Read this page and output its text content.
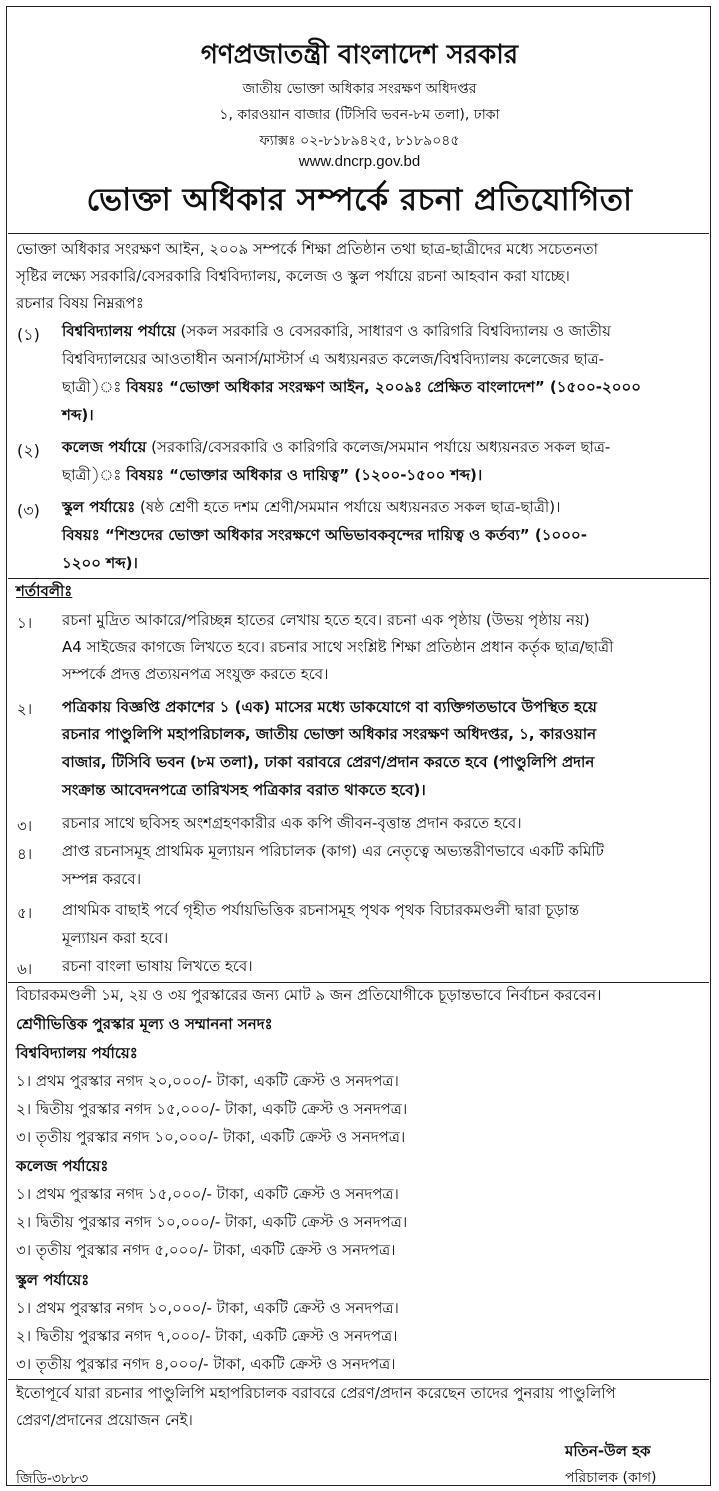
গণপ্রজাতন্ত্রী বাংলাদেশ সরকার
জাতীয় ভোক্তা অধিকার সংরক্ষণ অধিদপ্তর
১, কারওয়ান বাজার (টিসিবি ভবন-৮ম তলা), ঢাকা
ফ্যাক্সঃ ০২-৮১৮৯৪২৫, ৮১৮৯০৪৫
www.dncrp.gov.bd
ভোক্তা অধিকার সম্পর্কে রচনা প্রতিযোগিতা
ভোক্তা অধিকার সংরক্ষণ আইন, ২০০৯ সম্পর্কে শিক্ষা প্রতিষ্ঠান তথা ছাত্র-ছাত্রীদের মধ্যে সচেতনতা
সৃষ্টির লক্ষ্যে সরকারি/বেসরকারি বিশ্ববিদ্যালয়, কলেজ ও স্কুল পর্যায়ে রচনা আহবান করা যাচ্ছে।
রচনার বিষয় নিম্নরূপঃ
(১) বিশ্ববিদ্যালয় পর্যায়ে (সকল সরকারি ও বেসরকারি, সাধারণ ও কারিগরি বিশ্ববিদ্যালয় ও জাতীয়
বিশ্ববিদ্যালয়ের আওতাধীন অনার্স/মাস্টার্স এ অধ্যয়নরত কলেজ/বিশ্ববিদ্যালয় কলেজের ছাত্র-
ছাত্রী)ঃ বিষয়ঃ “ভোক্তা অধিকার সংরক্ষণ আইন, ২০০৯ঃ প্রেক্ষিত বাংলাদেশ” (১৫০০-২০০০
শব্দ)।
(২) কলেজ পর্যায়ে (সরকারি/বেসরকারি ও কারিগরি কলেজ/সমমান পর্যায়ে অধ্যয়নরত সকল ছাত্র-
ছাত্রী)ঃ বিষয়ঃ “ভোক্তার অধিকার ও দায়িত্ব” (১২০০-১৫০০ শব্দ)।
(৩) স্কুল পর্যায়েঃ (ষষ্ঠ শ্রেণী হতে দশম শ্রেণী/সমমান পর্যায়ে অধ্যয়নরত সকল ছাত্র-ছাত্রী)।
বিষয়ঃ “শিশুদের ভোক্তা অধিকার সংরক্ষণে অভিভাবকবৃন্দের দায়িত্ব ও কর্তব্য” (১০০০-
১২০০ শব্দ)।
শর্তাবলীঃ
১। রচনা মুদ্রিত আকারে/পরিচ্ছন্ন হাতের লেখায় হতে হবে। রচনা এক পৃষ্ঠায় (উভয় পৃষ্ঠায় নয়)
A4 সাইজের কাগজে লিখতে হবে। রচনার সাথে সংশ্লিষ্ট শিক্ষা প্রতিষ্ঠান প্রধান কর্তৃক ছাত্র/ছাত্রী
সম্পর্কে প্রদত্ত প্রত্যয়নপত্র সংযুক্ত করতে হবে।
২। পত্রিকায় বিজ্ঞপ্তি প্রকাশের ১ (এক) মাসের মধ্যে ডাকযোগে বা ব্যক্তিগতভাবে উপস্থিত হয়ে
রচনার পাণ্ডুলিপি মহাপরিচালক, জাতীয় ভোক্তা অধিকার সংরক্ষণ অধিদপ্তর, ১, কারওয়ান
বাজার, টিসিবি ভবন (৮ম তলা), ঢাকা বরাবরে প্রেরণ/প্রদান করতে হবে (পাণ্ডুলিপি প্রদান
সংক্রান্ত আবেদনপত্রে তারিখসহ পত্রিকার বরাত থাকতে হবে)।
৩। রচনার সাথে ছবিসহ অংশগ্রহণকারীর এক কপি জীবন-বৃত্তান্ত প্রদান করতে হবে।
৪। প্রাপ্ত রচনাসমূহ প্রাথমিক মূল্যায়ন পরিচালক (কাগ) এর নেতৃত্বে অভ্যন্তরীণভাবে একটি কমিটি
সম্পন্ন করবে।
৫। প্রাথমিক বাছাই পর্বে গৃহীত পর্যায়ভিত্তিক রচনাসমূহ পৃথক পৃথক বিচারকমণ্ডলী দ্বারা চূড়ান্ত
মূল্যায়ন করা হবে।
৬। রচনা বাংলা ভাষায় লিখতে হবে।
বিচারকমণ্ডলী ১ম, ২য় ও ৩য় পুরস্কারের জন্য মোট ৯ জন প্রতিযোগীকে চূড়ান্তভাবে নির্বাচন করবেন।
শ্রেণীভিত্তিক পুরস্কার মূল্য ও সম্মাননা সনদঃ
বিশ্ববিদ্যালয় পর্যায়েঃ
১। প্রথম পুরস্কার নগদ ২০,০০০/- টাকা, একটি ক্রেস্ট ও সনদপত্র।
২। দ্বিতীয় পুরস্কার নগদ ১৫,০০০/- টাকা, একটি ক্রেস্ট ও সনদপত্র।
৩। তৃতীয় পুরস্কার নগদ ১০,০০০/- টাকা, একটি ক্রেস্ট ও সনদপত্র।
কলেজ পর্যায়েঃ
১। প্রথম পুরস্কার নগদ ১৫,০০০/- টাকা, একটি ক্রেস্ট ও সনদপত্র।
২। দ্বিতীয় পুরস্কার নগদ ১০,০০০/- টাকা, একটি ক্রেস্ট ও সনদপত্র।
৩। তৃতীয় পুরস্কার নগদ ৫,০০০/- টাকা, একটি ক্রেস্ট ও সনদপত্র।
স্কুল পর্যায়েঃ
১। প্রথম পুরস্কার নগদ ১০,০০০/- টাকা, একটি ক্রেস্ট ও সনদপত্র।
২। দ্বিতীয় পুরস্কার নগদ ৭,০০০/- টাকা, একটি ক্রেস্ট ও সনদপত্র।
৩। তৃতীয় পুরস্কার নগদ ৪,০০০/- টাকা, একটি ক্রেস্ট ও সনদপত্র।
ইতোপূর্বে যারা রচনার পাণ্ডুলিপি মহাপরিচালক বরাবরে প্রেরণ/প্রদান করেছেন তাদের পুনরায় পাণ্ডুলিপি
প্রেরণ/প্রদানের প্রয়োজন নেই।
মতিন-উল হক
পরিচালক (কাগ)
জিডি-৩৮৮৩
